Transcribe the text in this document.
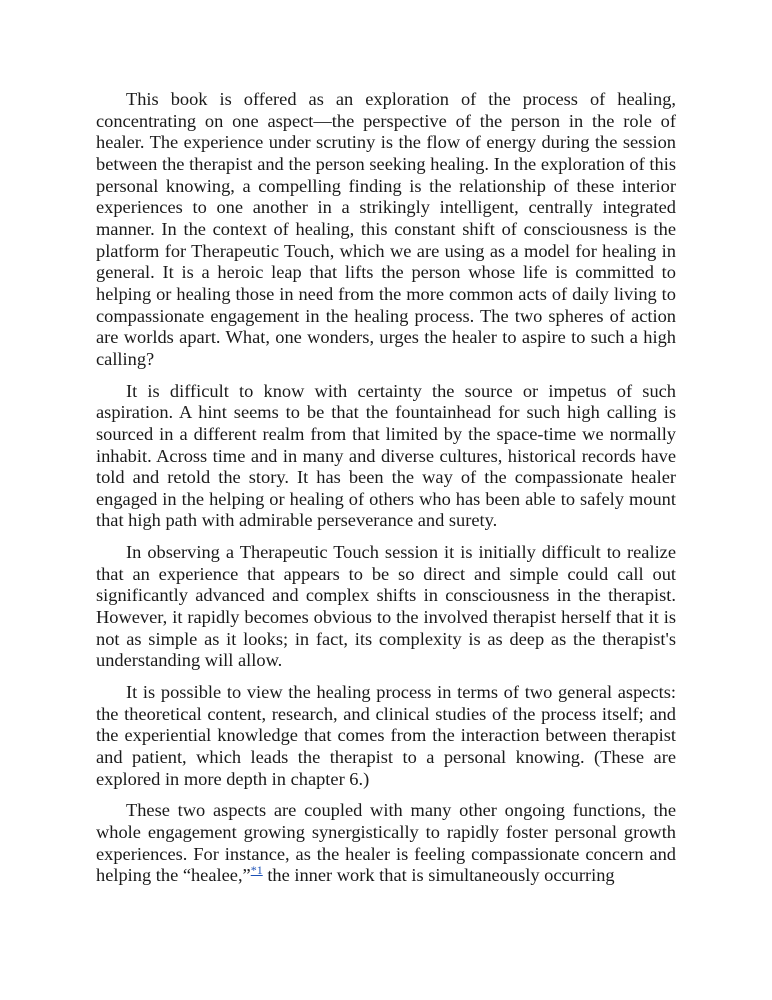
This book is offered as an exploration of the process of healing, concentrating on one aspect—the perspective of the person in the role of healer. The experience under scrutiny is the flow of energy during the session between the therapist and the person seeking healing. In the exploration of this personal knowing, a compelling finding is the relationship of these interior experiences to one another in a strikingly intelligent, centrally integrated manner. In the context of healing, this constant shift of consciousness is the platform for Therapeutic Touch, which we are using as a model for healing in general. It is a heroic leap that lifts the person whose life is committed to helping or healing those in need from the more common acts of daily living to compassionate engagement in the healing process. The two spheres of action are worlds apart. What, one wonders, urges the healer to aspire to such a high calling?

It is difficult to know with certainty the source or impetus of such aspiration. A hint seems to be that the fountainhead for such high calling is sourced in a different realm from that limited by the space-time we normally inhabit. Across time and in many and diverse cultures, historical records have told and retold the story. It has been the way of the compassionate healer engaged in the helping or healing of others who has been able to safely mount that high path with admirable perseverance and surety.

In observing a Therapeutic Touch session it is initially difficult to realize that an experience that appears to be so direct and simple could call out significantly advanced and complex shifts in consciousness in the therapist. However, it rapidly becomes obvious to the involved therapist herself that it is not as simple as it looks; in fact, its complexity is as deep as the therapist's understanding will allow.

It is possible to view the healing process in terms of two general aspects: the theoretical content, research, and clinical studies of the process itself; and the experiential knowledge that comes from the interaction between therapist and patient, which leads the therapist to a personal knowing. (These are explored in more depth in chapter 6.)

These two aspects are coupled with many other ongoing functions, the whole engagement growing synergistically to rapidly foster personal growth experiences. For instance, as the healer is feeling compassionate concern and helping the “healee,”$^{*1}$ the inner work that is simultaneously occurring
